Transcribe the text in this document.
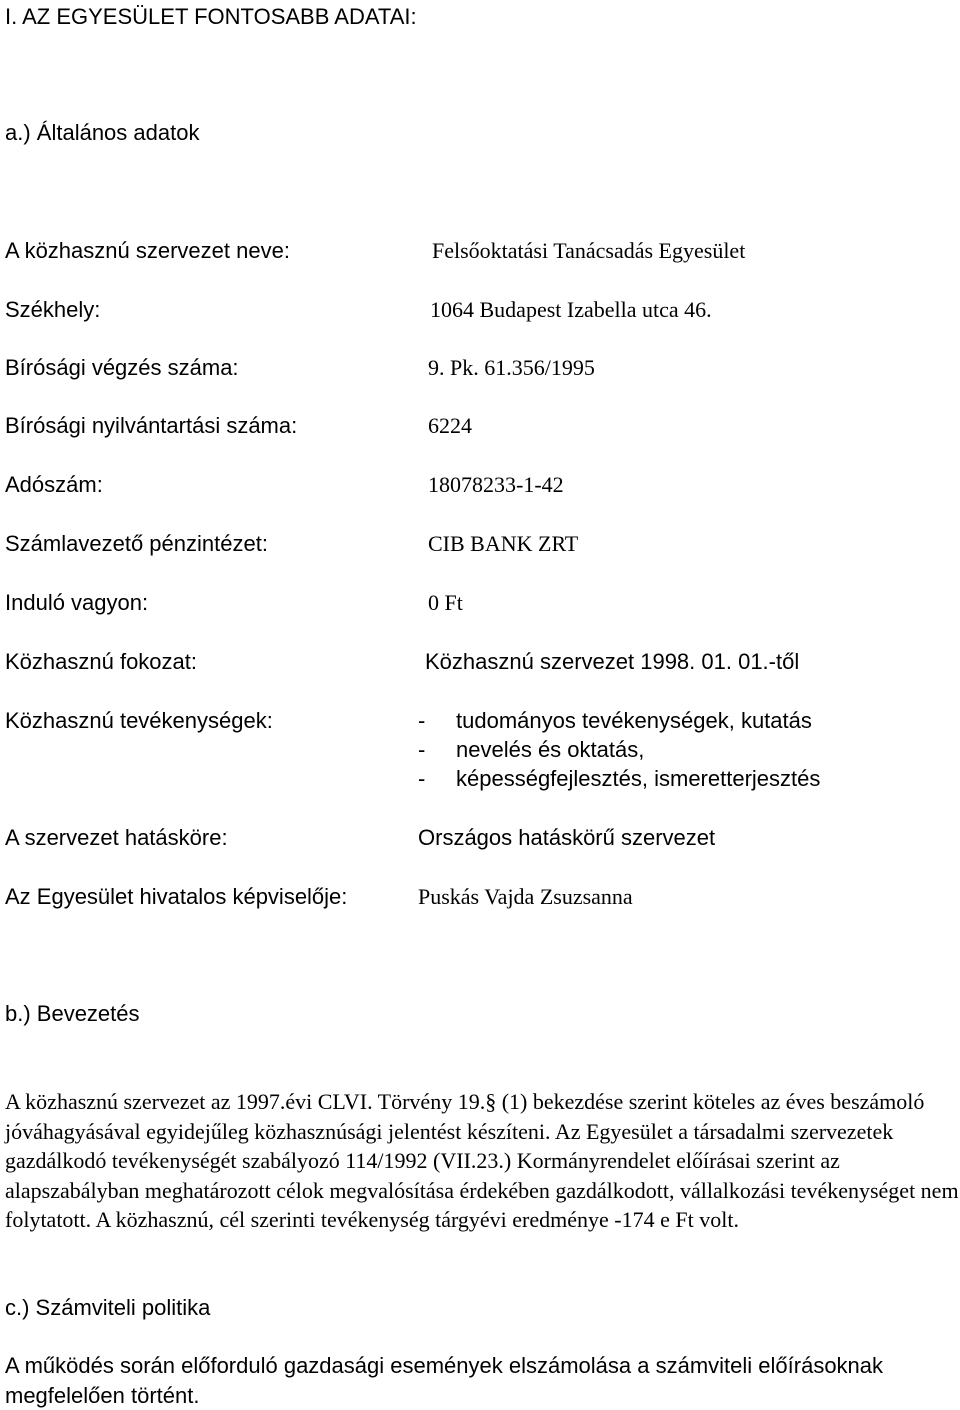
I. AZ EGYESÜLET FONTOSABB ADATAI:
a.) Általános adatok
A közhasznú szervezet neve:	Felsőoktatási Tanácsadás Egyesület
Székhely:	1064 Budapest Izabella utca 46.
Bírósági végzés száma:	9. Pk. 61.356/1995
Bírósági nyilvántartási száma:	6224
Adószám:	18078233-1-42
Számlavezető pénzintézet:	CIB BANK ZRT
Induló vagyon:	0 Ft
Közhasznú fokozat:	Közhasznú szervezet 1998. 01. 01.-től
Közhasznú tevékenységek:	- tudományos tevékenységek, kutatás
- nevelés és oktatás,
- képességfejlesztés, ismeretterjesztés
A szervezet hatásköre:	Országos hatáskörű szervezet
Az Egyesület hivatalos képviselője:	Puskás Vajda Zsuzsanna
b.) Bevezetés

A közhasznú szervezet az 1997.évi CLVI. Törvény 19.§ (1) bekezdése szerint köteles az éves beszámoló jóváhagyásával egyidejűleg közhasznúsági jelentést készíteni. Az Egyesület a társadalmi szervezetek gazdálkodó tevékenységét szabályozó 114/1992 (VII.23.) Kormányrendelet előírásai szerint az alapszabályban meghatározott célok megvalósítása érdekében gazdálkodott, vállalkozási tevékenységet nem folytatott. A közhasznú, cél szerinti tevékenység tárgyévi eredménye -174 e Ft volt.

c.) Számviteli politika

A működés során előforduló gazdasági események elszámolása a számviteli előírásoknak megfelelően történt.
